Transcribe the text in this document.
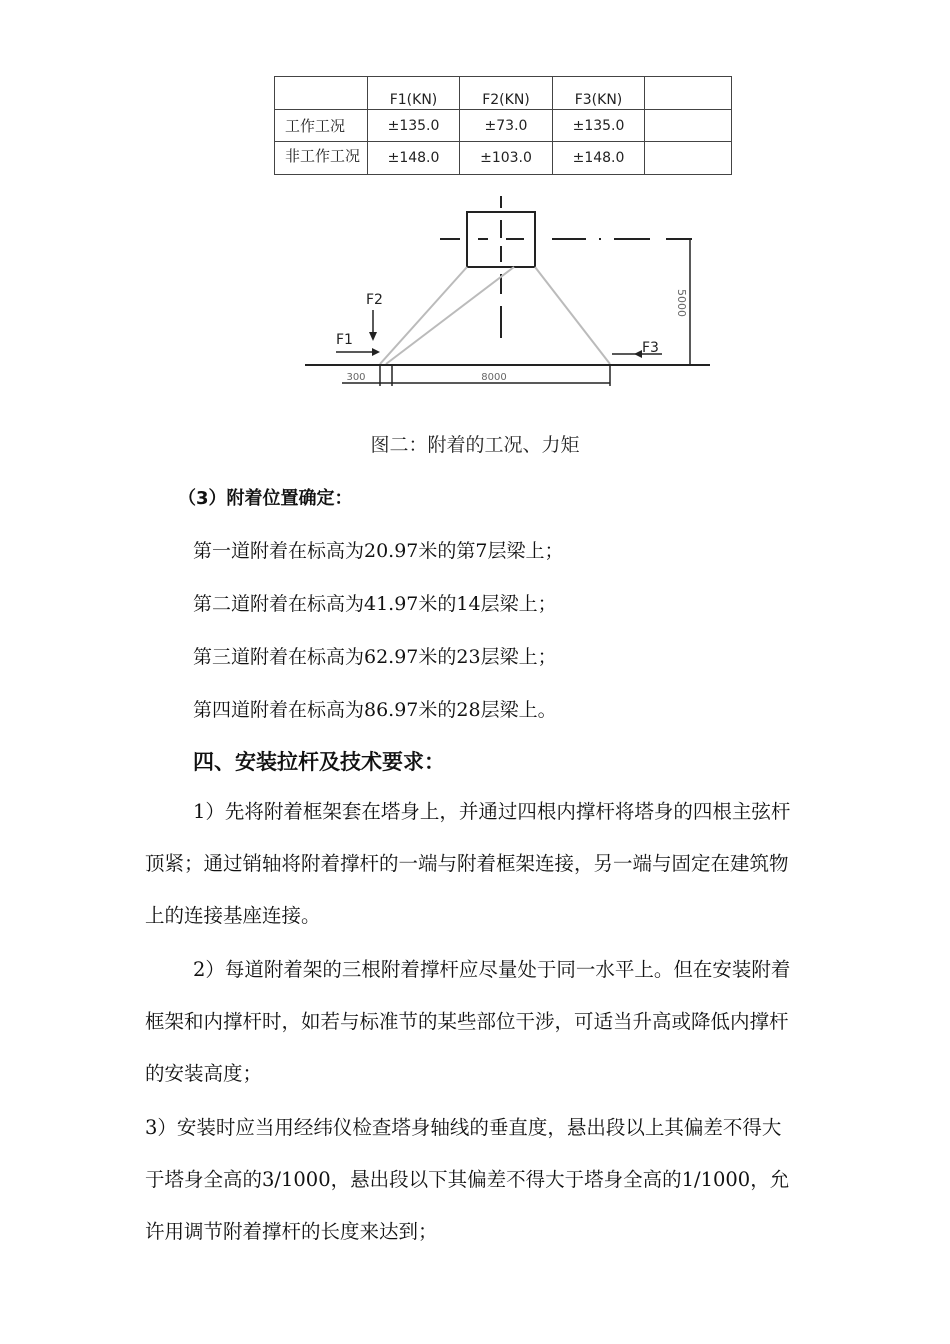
	F1(KN)	F2(KN)	F3(KN)	
工作工况	±135.0	±73.0	±135.0	

非工作工况	±148.0	±103.0	±148.0	
5000
300	8000
F1
F2
F3
图二：附着的工况、力矩
（3）附着位置确定：
第一道附着在标高为20.97米的第7层梁上；
第二道附着在标高为41.97米的14层梁上；
第三道附着在标高为62.97米的23层梁上；
第四道附着在标高为86.97米的28层梁上。
四、安装拉杆及技术要求：
1）先将附着框架套在塔身上，并通过四根内撑杆将塔身的四根主弦杆
顶紧；通过销轴将附着撑杆的一端与附着框架连接，另一端与固定在建筑物
上的连接基座连接。
2）每道附着架的三根附着撑杆应尽量处于同一水平上。但在安装附着
框架和内撑杆时，如若与标准节的某些部位干涉，可适当升高或降低内撑杆
的安装高度；
3）安装时应当用经纬仪检查塔身轴线的垂直度，悬出段以上其偏差不得大
于塔身全高的3/1000，悬出段以下其偏差不得大于塔身全高的1/1000，允
许用调节附着撑杆的长度来达到；
